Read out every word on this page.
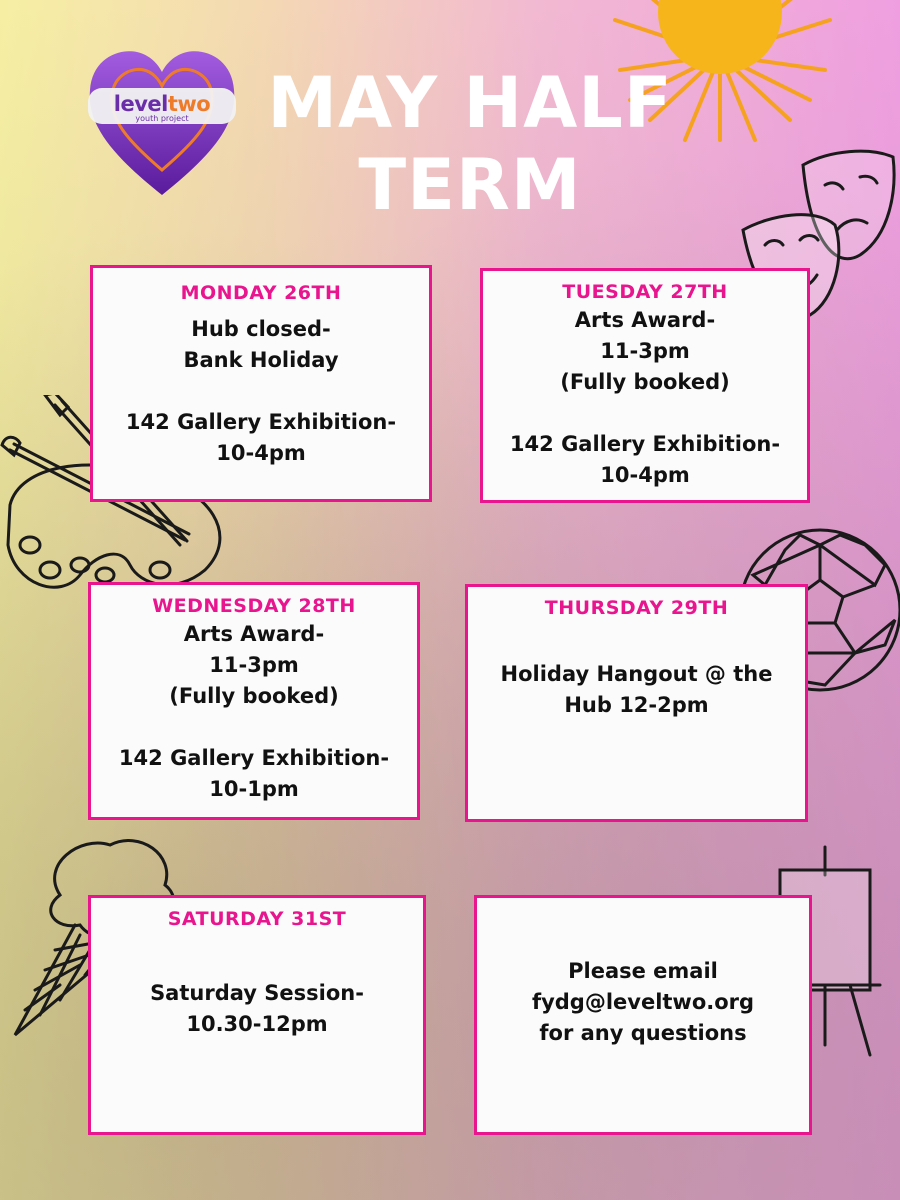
MAY HALF
TERM
leveltwo
youth project
MONDAY 26TH
Hub closed-
Bank Holiday
142 Gallery Exhibition-
10-4pm
TUESDAY 27TH
Arts Award-
11-3pm
(Fully booked)
142 Gallery Exhibition-
10-4pm
WEDNESDAY 28TH
Arts Award-
11-3pm
(Fully booked)
142 Gallery Exhibition-
10-1pm
THURSDAY 29TH
Holiday Hangout @ the
Hub 12-2pm
SATURDAY 31ST
Saturday Session-
10.30-12pm
Please email
fydg@leveltwo.org
for any questions
